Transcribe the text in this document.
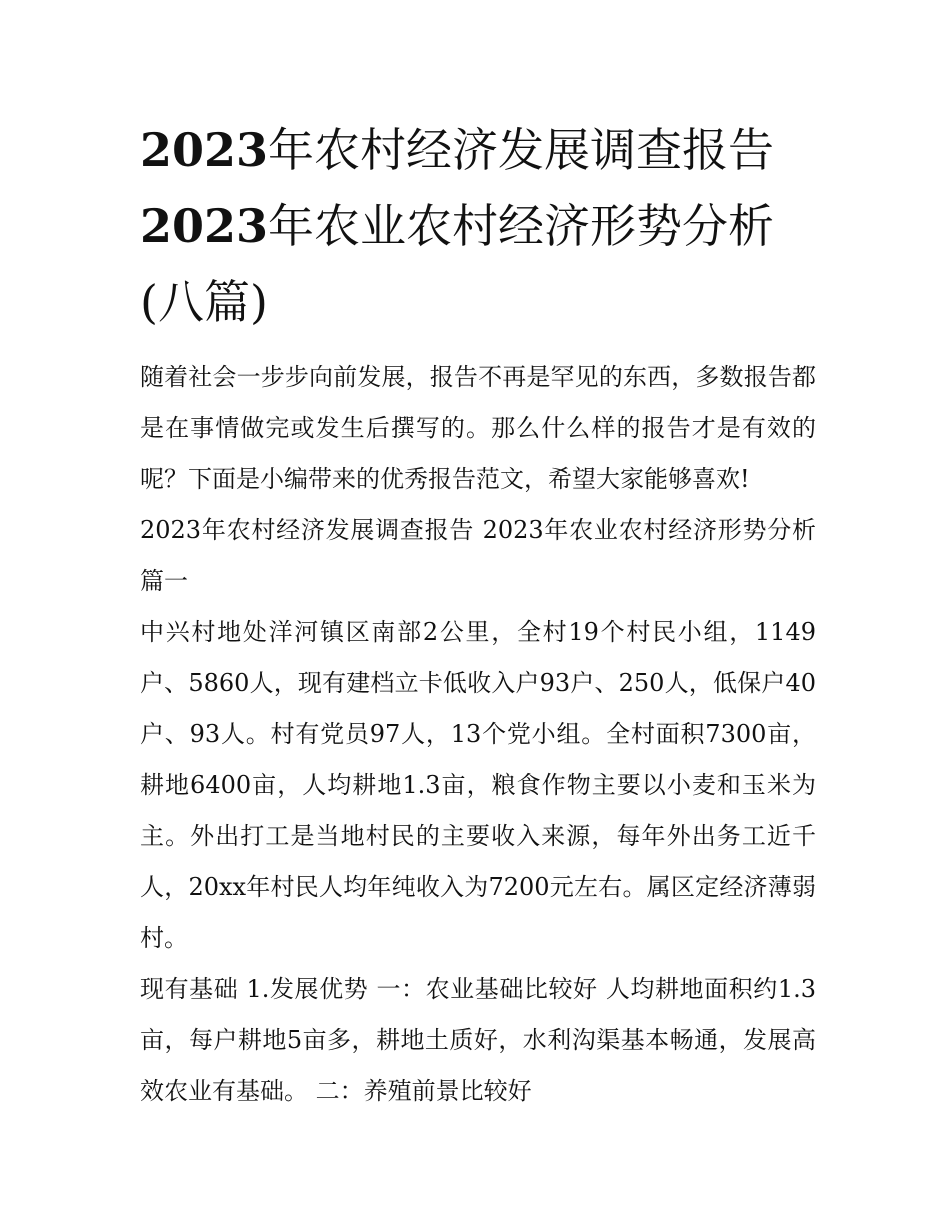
2023年农村经济发展调查报告
2023年农业农村经济形势分析
(八篇)

随着社会一步步向前发展，报告不再是罕见的东西，多数报告都是在事情做完或发生后撰写的。那么什么样的报告才是有效的呢？下面是小编带来的优秀报告范文，希望大家能够喜欢!

2023年农村经济发展调查报告 2023年农业农村经济形势分析篇一

中兴村地处洋河镇区南部2公里，全村19个村民小组，1149户、5860人，现有建档立卡低收入户93户、250人，低保户40户、93人。村有党员97人，13个党小组。全村面积7300亩，耕地6400亩，人均耕地1.3亩，粮食作物主要以小麦和玉米为主。外出打工是当地村民的主要收入来源，每年外出务工近千人，20xx年村民人均年纯收入为7200元左右。属区定经济薄弱村。

现有基础 1.发展优势 一：农业基础比较好 人均耕地面积约1.3亩，每户耕地5亩多，耕地土质好，水利沟渠基本畅通，发展高效农业有基础。 二：养殖前景比较好
